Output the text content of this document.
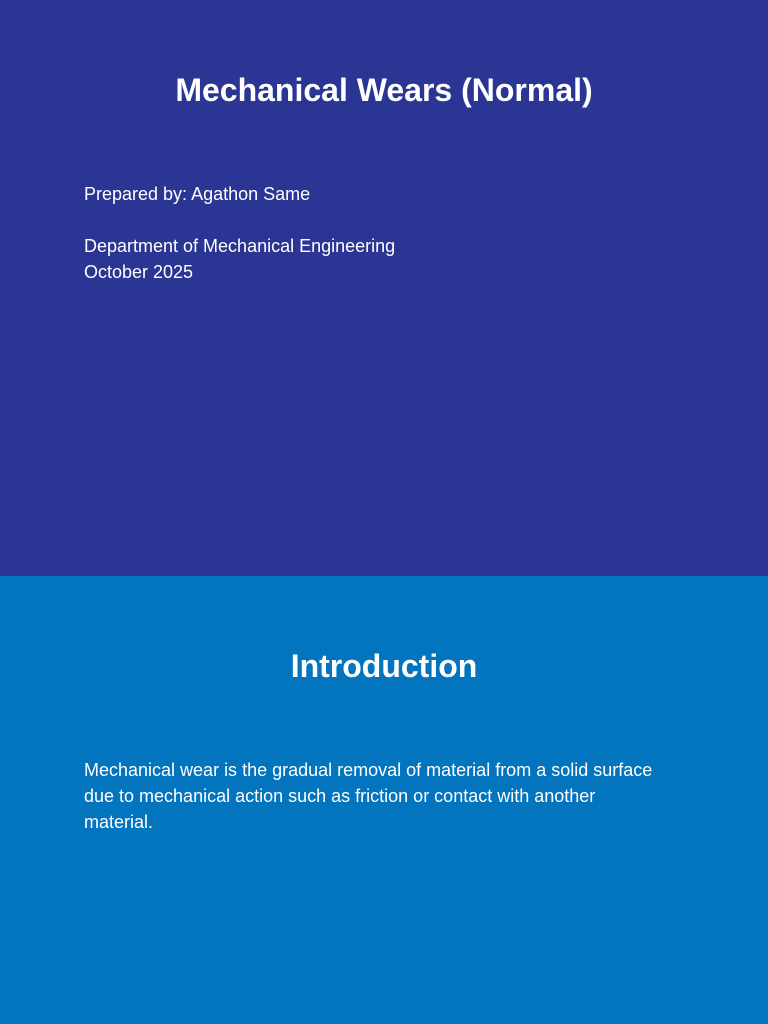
Mechanical Wears (Normal)
Prepared by: Agathon Same
Department of Mechanical Engineering
October 2025
Introduction

Mechanical wear is the gradual removal of material from a solid surface due to mechanical action such as friction or contact with another material.
